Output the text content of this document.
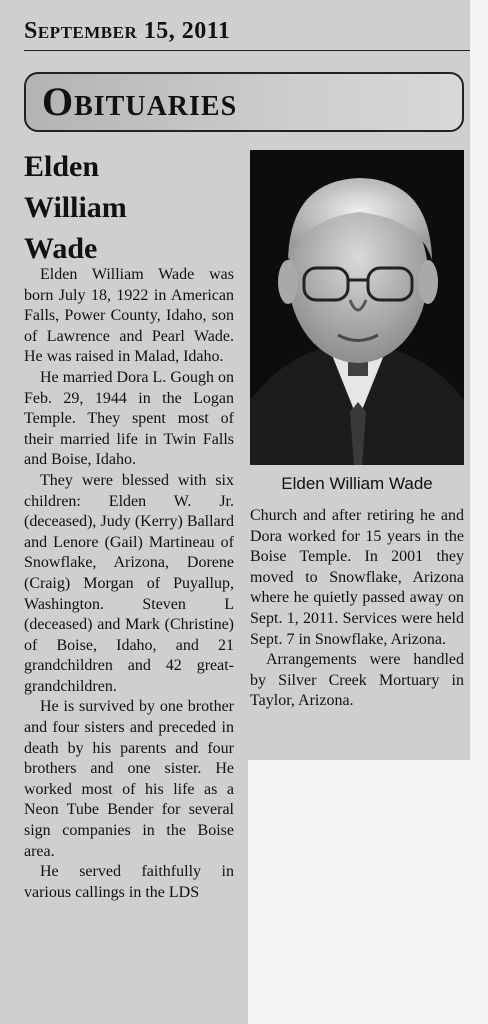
September 15, 2011
Obituaries
Elden
William
Wade

Elden William Wade was born July 18, 1922 in American Falls, Power County, Idaho, son of Lawrence and Pearl Wade. He was raised in Malad, Idaho.

He married Dora L. Gough on Feb. 29, 1944 in the Logan Temple. They spent most of their married life in Twin Falls and Boise, Idaho.

They were blessed with six children: Elden W. Jr. (deceased), Judy (Kerry) Ballard and Lenore (Gail) Martineau of Snowflake, Arizona, Dorene (Craig) Morgan of Puyallup, Washington. Steven L (deceased) and Mark (Christine) of Boise, Idaho, and 21 grandchildren and 42 great-grandchildren.

He is survived by one brother and four sisters and preceded in death by his parents and four brothers and one sister. He worked most of his life as a Neon Tube Bender for several sign companies in the Boise area.

He served faithfully in various callings in the LDS

Elden William Wade

Church and after retiring he and Dora worked for 15 years in the Boise Temple. In 2001 they moved to Snowflake, Arizona where he quietly passed away on Sept. 1, 2011. Services were held Sept. 7 in Snowflake, Arizona.

Arrangements were handled by Silver Creek Mortuary in Taylor, Arizona.
